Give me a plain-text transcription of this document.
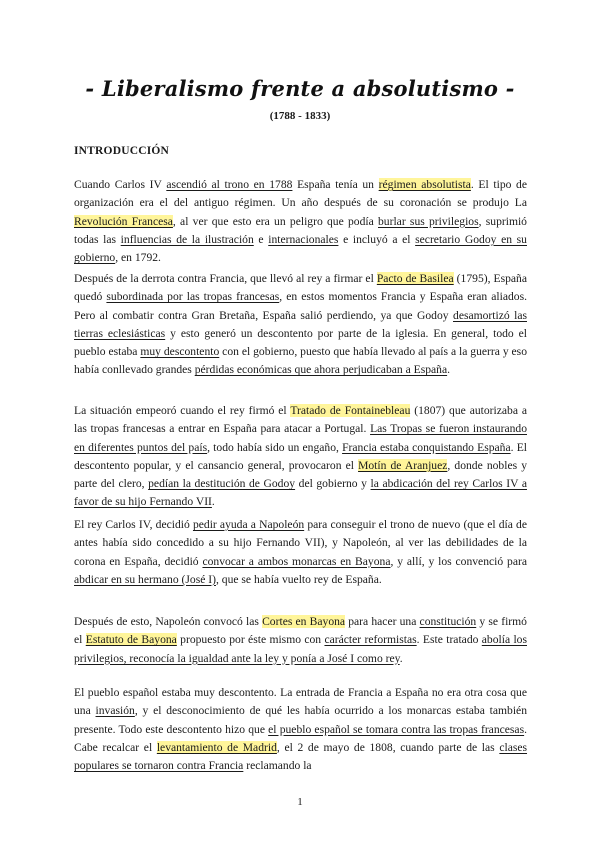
- Liberalismo frente a absolutismo -
(1788 - 1833)
INTRODUCCIÓN
Cuando Carlos IV ascendió al trono en 1788 España tenía un régimen absolutista. El tipo de organización era el del antiguo régimen. Un año después de su coronación se produjo La Revolución Francesa, al ver que esto era un peligro que podía burlar sus privilegios, suprimió todas las influencias de la ilustración e internacionales e incluyó a el secretario Godoy en su gobierno, en 1792.
Después de la derrota contra Francia, que llevó al rey a firmar el Pacto de Basilea (1795), España quedó subordinada por las tropas francesas, en estos momentos Francia y España eran aliados. Pero al combatir contra Gran Bretaña, España salió perdiendo, ya que Godoy desamortizó las tierras eclesiásticas y esto generó un descontento por parte de la iglesia. En general, todo el pueblo estaba muy descontento con el gobierno, puesto que había llevado al país a la guerra y eso había conllevado grandes pérdidas económicas que ahora perjudicaban a España.
La situación empeoró cuando el rey firmó el Tratado de Fontainebleau (1807) que autorizaba a las tropas francesas a entrar en España para atacar a Portugal. Las Tropas se fueron instaurando en diferentes puntos del país, todo había sido un engaño, Francia estaba conquistando España. El descontento popular, y el cansancio general, provocaron el Motín de Aranjuez, donde nobles y parte del clero, pedían la destitución de Godoy del gobierno y la abdicación del rey Carlos IV a favor de su hijo Fernando VII.
El rey Carlos IV, decidió pedir ayuda a Napoleón para conseguir el trono de nuevo (que el día de antes había sido concedido a su hijo Fernando VII), y Napoleón, al ver las debilidades de la corona en España, decidió convocar a ambos monarcas en Bayona, y allí, y los convenció para abdicar en su hermano (José I), que se había vuelto rey de España.
Después de esto, Napoleón convocó las Cortes en Bayona para hacer una constitución y se firmó el Estatuto de Bayona propuesto por éste mismo con carácter reformistas. Este tratado abolía los privilegios, reconocía la igualdad ante la ley y ponía a José I como rey.
El pueblo español estaba muy descontento. La entrada de Francia a España no era otra cosa que una invasión, y el desconocimiento de qué les había ocurrido a los monarcas estaba también presente. Todo este descontento hizo que el pueblo español se tomara contra las tropas francesas. Cabe recalcar el levantamiento de Madrid, el 2 de mayo de 1808, cuando parte de las clases populares se tornaron contra Francia reclamando la
1
